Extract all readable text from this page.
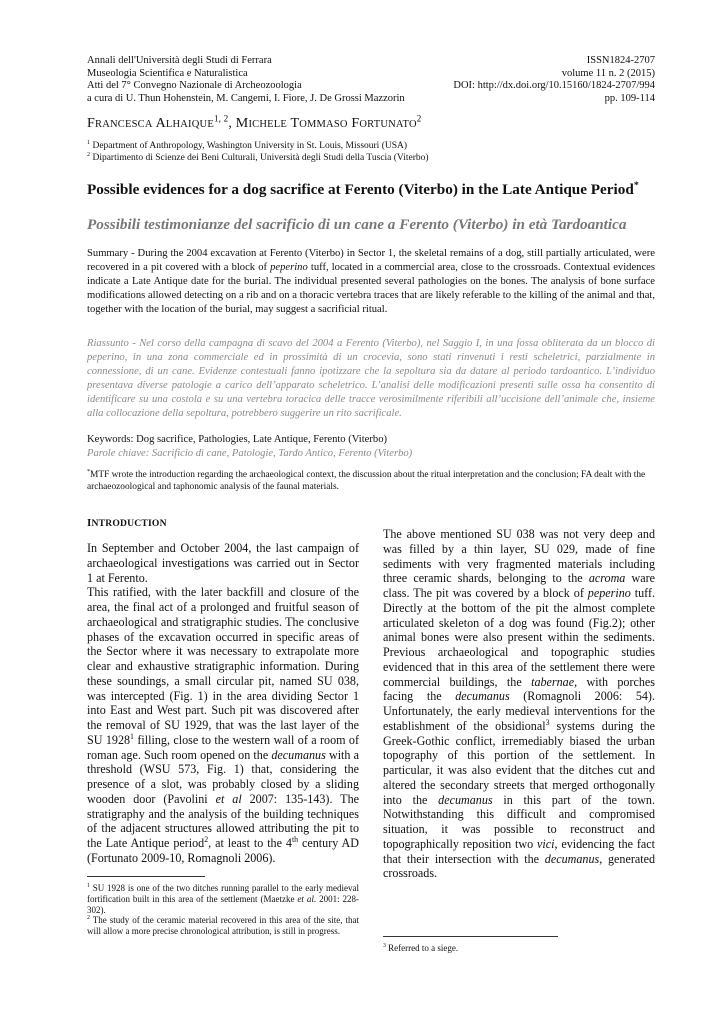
Annali dell'Università degli Studi di Ferrara	ISSN1824-2707
Museologia Scientifica e Naturalistica	volume 11 n. 2 (2015)
Atti del 7° Convegno Nazionale di Archeozoologia	DOI: http://dx.doi.org/10.15160/1824-2707/994
a cura di U. Thun Hohenstein, M. Cangemi, I. Fiore, J. De Grossi Mazzorin	pp. 109-114
FRANCESCA ALHAIQUE$^{1, 2}$, MICHELE TOMMASO FORTUNATO$^2$
$^1$ Department of Anthropology, Washington University in St. Louis, Missouri (USA)
$^2$ Dipartimento di Scienze dei Beni Culturali, Università degli Studi della Tuscia (Viterbo)
Possible evidences for a dog sacrifice at Ferento (Viterbo) in the Late Antique Period*
Possibili testimonianze del sacrificio di un cane a Ferento (Viterbo) in età Tardoantica
Summary - During the 2004 excavation at Ferento (Viterbo) in Sector 1, the skeletal remains of a dog, still partially articulated, were recovered in a pit covered with a block of peperino tuff, located in a commercial area, close to the crossroads. Contextual evidences indicate a Late Antique date for the burial. The individual presented several pathologies on the bones. The analysis of bone surface modifications allowed detecting on a rib and on a thoracic vertebra traces that are likely referable to the killing of the animal and that, together with the location of the burial, may suggest a sacrificial ritual.
Riassunto - Nel corso della campagna di scavo del 2004 a Ferento (Viterbo), nel Saggio I, in una fossa obliterata da un blocco di peperino, in una zona commerciale ed in prossimità di un crocevia, sono stati rinvenuti i resti scheletrici, parzialmente in connessione, di un cane. Evidenze contestuali fanno ipotizzare che la sepoltura sia da datare al periodo tardoantico. L’individuo presentava diverse patologie a carico dell’apparato scheletrico. L’analisi delle modificazioni presenti sulle ossa ha consentito di identificare su una costola e su una vertebra toracica delle tracce verosimilmente riferibili all’uccisione dell’animale che, insieme alla collocazione della sepoltura, potrebbero suggerire un rito sacrificale.
Keywords: Dog sacrifice, Pathologies, Late Antique, Ferento (Viterbo)
Parole chiave: Sacrificio di cane, Patologie, Tardo Antico, Ferento (Viterbo)
*MTF wrote the introduction regarding the archaeological context, the discussion about the ritual interpretation and the conclusion; FA dealt with the archaeozoological and taphonomic analysis of the faunal materials.
INTRODUCTION

In September and October 2004, the last campaign of archaeological investigations was carried out in Sector 1 at Ferento.

This ratified, with the later backfill and closure of the area, the final act of a prolonged and fruitful season of archaeological and stratigraphic studies. The conclusive phases of the excavation occurred in specific areas of the Sector where it was necessary to extrapolate more clear and exhaustive stratigraphic information. During these soundings, a small circular pit, named SU 038, was intercepted (Fig. 1) in the area dividing Sector 1 into East and West part. Such pit was discovered after the removal of SU 1929, that was the last layer of the SU 1928$^1$ filling, close to the western wall of a room of roman age. Such room opened on the decumanus with a threshold (WSU 573, Fig. 1) that, considering the presence of a slot, was probably closed by a sliding wooden door (Pavolini et al 2007: 135-143). The stratigraphy and the analysis of the building techniques of the adjacent structures allowed attributing the pit to the Late Antique period$^2$, at least to the 4th century AD (Fortunato 2009-10, Romagnoli 2006).

The above mentioned SU 038 was not very deep and was filled by a thin layer, SU 029, made of fine sediments with very fragmented materials including three ceramic shards, belonging to the acroma ware class. The pit was covered by a block of peperino tuff. Directly at the bottom of the pit the almost complete articulated skeleton of a dog was found (Fig.2); other animal bones were also present within the sediments. Previous archaeological and topographic studies evidenced that in this area of the settlement there were commercial buildings, the tabernae, with porches facing the decumanus (Romagnoli 2006: 54). Unfortunately, the early medieval interventions for the establishment of the obsidional$^3$ systems during the Greek-Gothic conflict, irremediably biased the urban topography of this portion of the settlement. In particular, it was also evident that the ditches cut and altered the secondary streets that merged orthogonally into the decumanus in this part of the town. Notwithstanding this difficult and compromised situation, it was possible to reconstruct and topographically reposition two vici, evidencing the fact that their intersection with the decumanus, generated crossroads.

$^1$ SU 1928 is one of the two ditches running parallel to the early medieval fortification built in this area of the settlement (Maetzke et al. 2001: 228-302).

$^2$ The study of the ceramic material recovered in this area of the site, that will allow a more precise chronological attribution, is still in progress.

$^3$ Referred to a siege.
